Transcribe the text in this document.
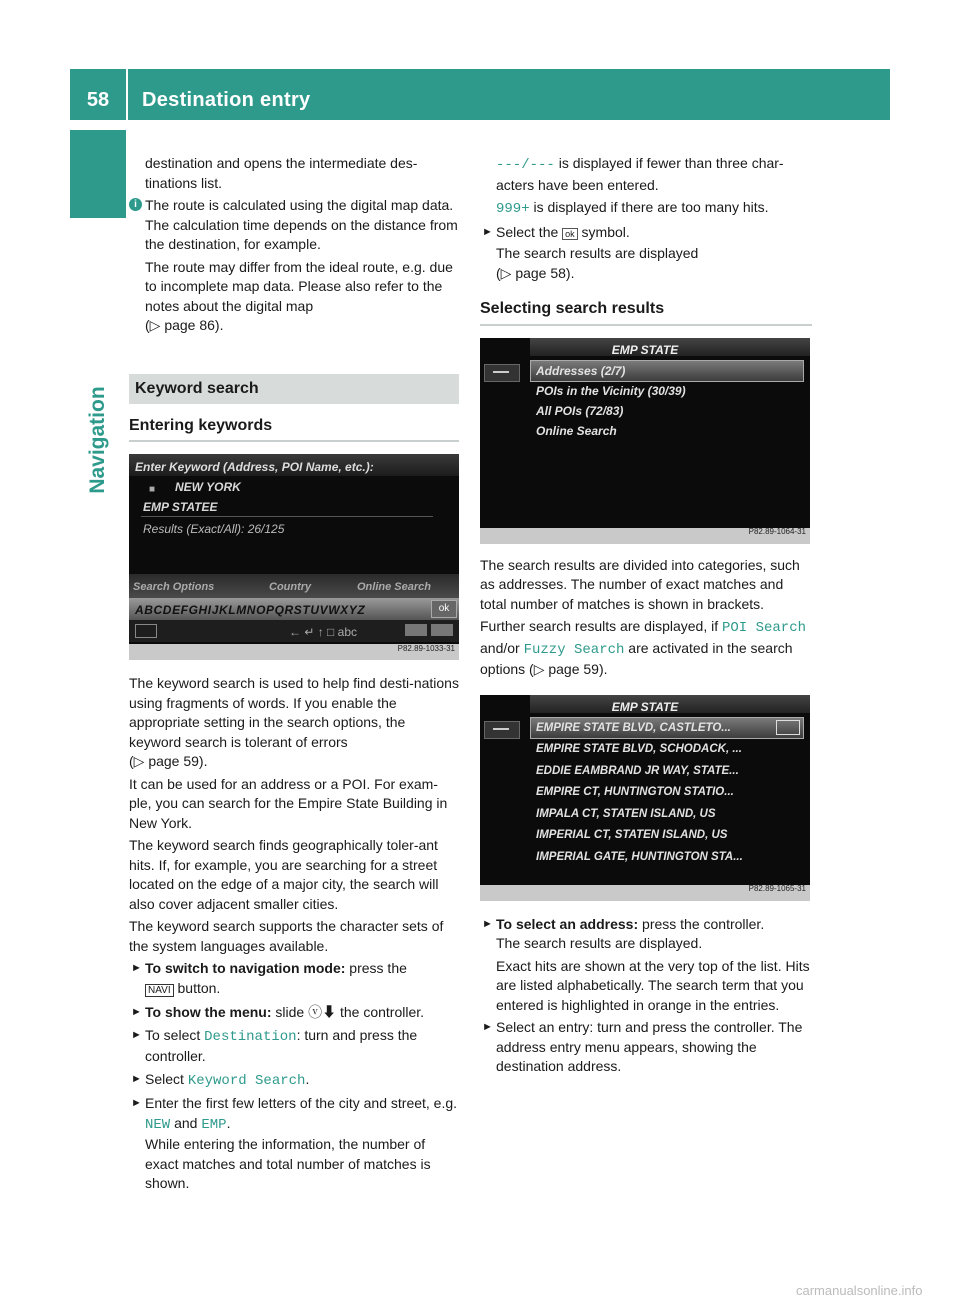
58	Destination entry
Navigation

destination and opens the intermediate des-tinations list.

i The route is calculated using the digital map data. The calculation time depends on the distance from the destination, for example.

The route may differ from the ideal route, e.g. due to incomplete map data. Please also refer to the notes about the digital map
(▷ page 86).

Keyword search
Entering keywords
Enter Keyword (Address, POI Name, etc.):
■ NEW YORK
EMP STATEE
Results (Exact/All): 26/125
Search Options	Country	Online Search
ABCDEFGHIJKLMNOPQRSTUVWXYZ	ok
← ↵ ↑ □ abc
P82.89-1033-31

The keyword search is used to help find desti-nations using fragments of words. If you enable the appropriate setting in the search options, the keyword search is tolerant of errors
(▷ page 59).

It can be used for an address or a POI. For exam-ple, you can search for the Empire State Building in New York.

The keyword search finds geographically toler-ant hits. If, for example, you are searching for a street located on the edge of a major city, the search will also cover adjacent smaller cities.

The keyword search supports the character sets of the system languages available.

► To switch to navigation mode: press the
NAVI button.
► To show the menu: slide ⓥ⬇ the controller.
► To select Destination: turn and press the controller.
► Select Keyword Search.
► Enter the first few letters of the city and street, e.g. NEW and EMP.
While entering the information, the number of exact matches and total number of matches is shown.

---/--- is displayed if fewer than three char-acters have been entered.

999+ is displayed if there are too many hits.

► Select the ok symbol.
The search results are displayed
(▷ page 58).
Selecting search results
EMP STATE
Addresses (2/7)
POIs in the Vicinity (30/39)
All POIs (72/83)
Online Search
P82.89-1064-31

The search results are divided into categories, such as addresses. The number of exact matches and total number of matches is shown in brackets.

Further search results are displayed, if POI Search and/or Fuzzy Search are activated in the search options (▷ page 59).

EMP STATE
EMPIRE STATE BLVD, CASTLETO...
EMPIRE STATE BLVD, SCHODACK, ...
EDDIE EAMBRAND JR WAY, STATE...
EMPIRE CT, HUNTINGTON STATIO...
IMPALA CT, STATEN ISLAND, US
IMPERIAL CT, STATEN ISLAND, US
IMPERIAL GATE, HUNTINGTON STA...
P82.89-1065-31
► To select an address: press the controller.
The search results are displayed.

Exact hits are shown at the very top of the list. Hits are listed alphabetically. The search term that you entered is highlighted in orange in the entries.

► Select an entry: turn and press the controller. The address entry menu appears, showing the destination address.
carmanualsonline.info
